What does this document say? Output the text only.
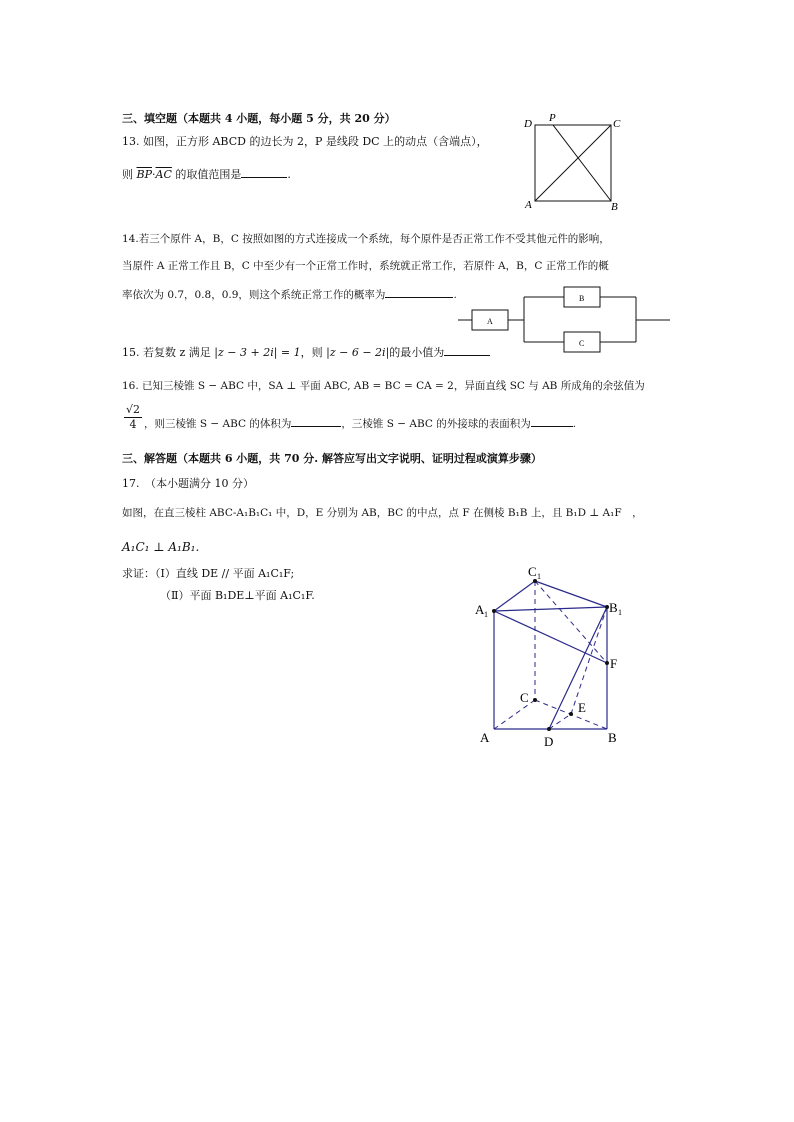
三、填空题（本题共 4 小题，每小题 5 分，共 20 分）
13. 如图，正方形 ABCD 的边长为 2，P 是线段 DC 上的动点（含端点），
则 $\overline{BP}\cdot\overline{AC}$ 的取值范围是	.
D P	C
A	B
14.若三个原件 A，B，C 按照如图的方式连接成一个系统，每个原件是否正常工作不受其他元件的影响，
当原件 A 正常工作且 B，C 中至少有一个正常工作时，系统就正常工作，若原件 A，B，C 正常工作的概
率依次为 0.7，0.8，0.9，则这个系统正常工作的概率为	.
A
B
C
15. 若复数 z 满足 |z − 3 + 2i| = 1，则 |z − 6 − 2i|的最小值为
16. 已知三棱锥 S − ABC 中，SA ⊥ 平面 ABC, AB = BC = CA = 2，异面直线 SC 与 AB 所成角的余弦值为
$\frac{√2}{4}$ ，则三棱锥 S − ABC 的体积为	，三棱锥 S − ABC 的外接球的表面积为	.
三、解答题（本题共 6 小题，共 70 分. 解答应写出文字说明、证明过程或演算步骤）
17.　（本小题满分 10 分）
如图，在直三棱柱 ABC-A₁B₁C₁ 中，D，E 分别为 AB，BC 的中点，点 F 在侧棱 B₁B 上，且 B₁D ⊥ A₁F　，
A₁C₁ ⊥ A₁B₁.
求证：（Ⅰ）直线 DE // 平面 A₁C₁F;
（Ⅱ）平面 B₁DE⊥平面 A₁C₁F.
C 1
A 1	B 1
F
C
E
A	D	B
